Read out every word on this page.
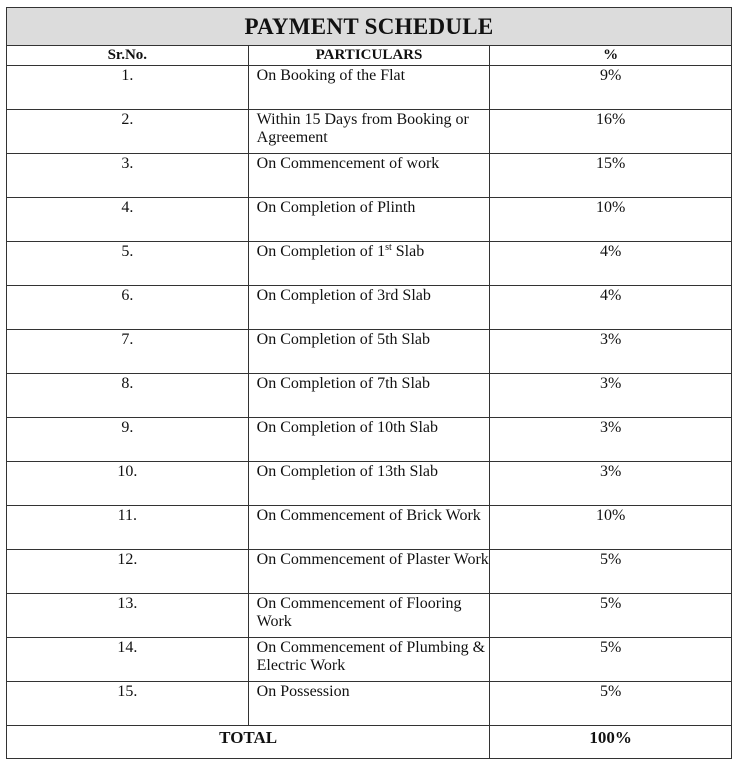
PAYMENT SCHEDULE		
Sr.No.	PARTICULARS	%
1.	On Booking of the Flat	9%
2.	Within 15 Days from Booking or Agreement	16%
3.	On Commencement of work	15%
4.	On Completion of Plinth	10%
5.	On Completion of 1st Slab	4%
6.	On Completion of 3rd Slab	4%
7.	On Completion of 5th Slab	3%
8.	On Completion of 7th Slab	3%
9.	On Completion of 10th Slab	3%
10.	On Completion of 13th Slab	3%
11.	On Commencement of Brick Work	10%
12.	On Commencement of Plaster Work	5%
13.	On Commencement of Flooring Work	5%
14.	On Commencement of Plumbing & Electric Work	5%
15.	On Possession	5%
TOTAL		100%
